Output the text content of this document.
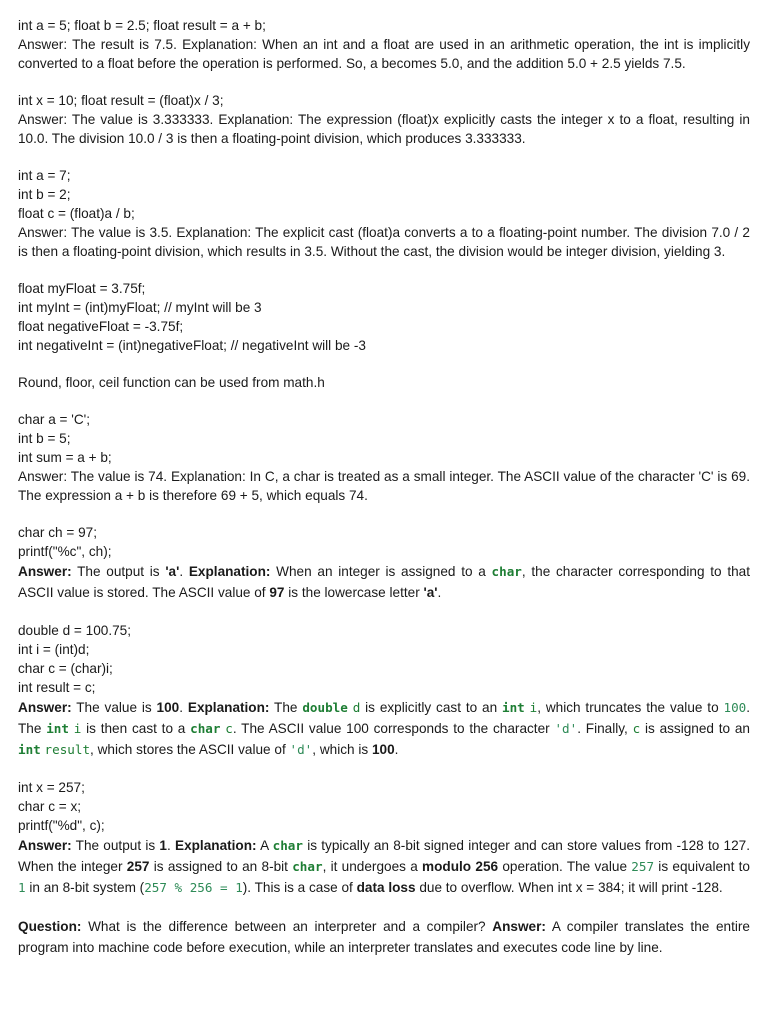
int a = 5; float b = 2.5; float result = a + b;
Answer: The result is 7.5. Explanation: When an int and a float are used in an arithmetic operation, the int is implicitly converted to a float before the operation is performed. So, a becomes 5.0, and the addition 5.0 + 2.5 yields 7.5.
int x = 10; float result = (float)x / 3;
Answer: The value is 3.333333. Explanation: The expression (float)x explicitly casts the integer x to a float, resulting in 10.0. The division 10.0 / 3 is then a floating-point division, which produces 3.333333.
int a = 7;
int b = 2;
float c = (float)a / b;
Answer: The value is 3.5. Explanation: The explicit cast (float)a converts a to a floating-point number. The division 7.0 / 2 is then a floating-point division, which results in 3.5. Without the cast, the division would be integer division, yielding 3.
float myFloat = 3.75f;
int myInt = (int)myFloat; // myInt will be 3
float negativeFloat = -3.75f;
int negativeInt = (int)negativeFloat; // negativeInt will be -3
Round, floor, ceil function can be used from math.h
char a = 'C';
int b = 5;
int sum = a + b;
Answer: The value is 74. Explanation: In C, a char is treated as a small integer. The ASCII value of the character 'C' is 69. The expression a + b is therefore 69 + 5, which equals 74.
char ch = 97;
printf("%c", ch);
Answer: The output is 'a'. Explanation: When an integer is assigned to a char, the character corresponding to that ASCII value is stored. The ASCII value of 97 is the lowercase letter 'a'.
double d = 100.75;
int i = (int)d;
char c = (char)i;
int result = c;
Answer: The value is 100. Explanation: The double d is explicitly cast to an int i, which truncates the value to 100. The int i is then cast to a char c. The ASCII value 100 corresponds to the character 'd'. Finally, c is assigned to an int result, which stores the ASCII value of 'd', which is 100.
int x = 257;
char c = x;
printf("%d", c);
Answer: The output is 1. Explanation: A char is typically an 8-bit signed integer and can store values from -128 to 127. When the integer 257 is assigned to an 8-bit char, it undergoes a modulo 256 operation. The value 257 is equivalent to 1 in an 8-bit system (257 % 256 = 1). This is a case of data loss due to overflow. When int x = 384; it will print -128.
Question: What is the difference between an interpreter and a compiler? Answer: A compiler translates the entire program into machine code before execution, while an interpreter translates and executes code line by line.
